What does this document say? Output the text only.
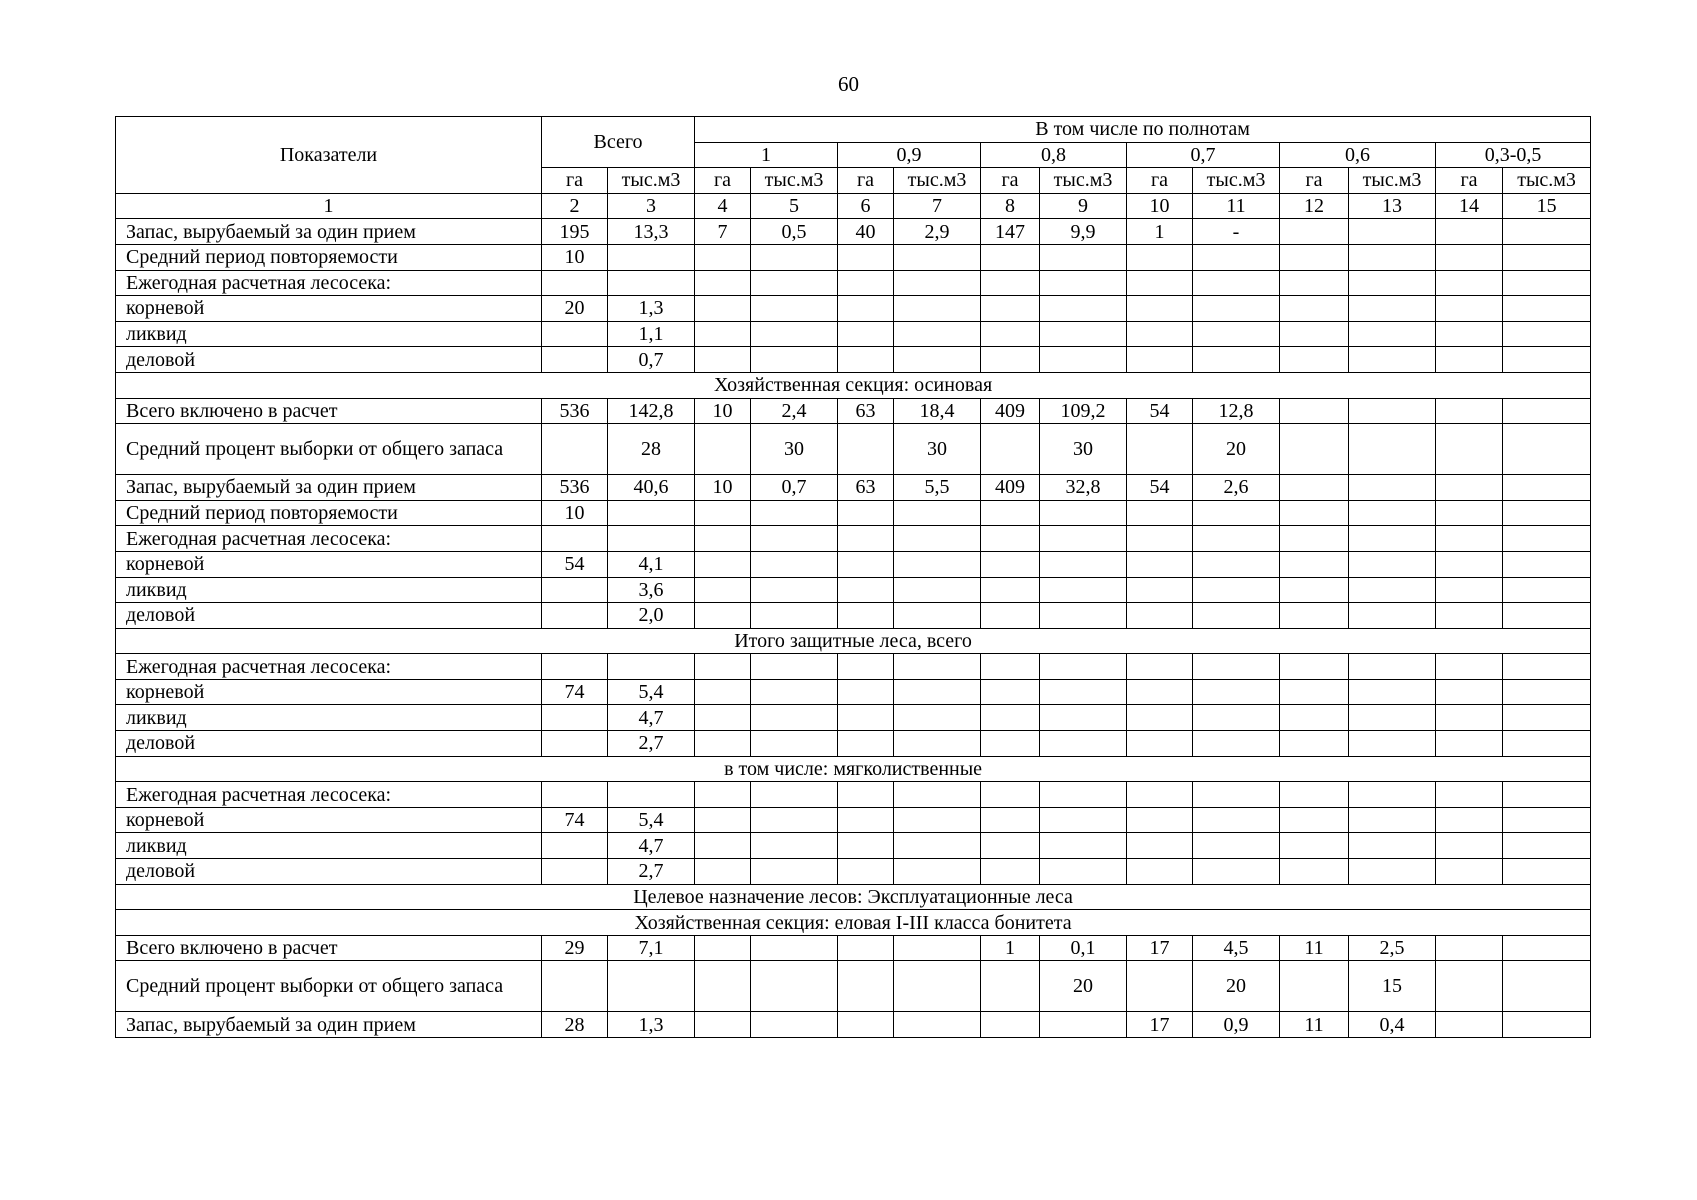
60
Показатели	Всего		В том числе по полнотам											
			1		0,9		0,8		0,7		0,6		0,3-0,5	
	га	тыс.м3	га	тыс.м3	га	тыс.м3	га	тыс.м3	га	тыс.м3	га	тыс.м3	га	тыс.м3
1	2	3	4	5	6	7	8	9	10	11	12	13	14	15
Запас, вырубаемый за один прием	195	13,3	7	0,5	40	2,9	147	9,9	1	-				
Средний период повторяемости	10													
Ежегодная расчетная лесосека:														
корневой	20	1,3												
ликвид		1,1												
деловой		0,7												
Хозяйственная секция: осиновая														
Всего включено в расчет	536	142,8	10	2,4	63	18,4	409	109,2	54	12,8				
Средний процент выборки от общего запаса		28		30		30		30		20				
Запас, вырубаемый за один прием	536	40,6	10	0,7	63	5,5	409	32,8	54	2,6				
Средний период повторяемости	10													
Ежегодная расчетная лесосека:														
корневой	54	4,1												
ликвид		3,6												
деловой		2,0												
Итого защитные леса, всего														
Ежегодная расчетная лесосека:														
корневой	74	5,4												
ликвид		4,7												
деловой		2,7												
в том числе: мягколиственные														
Ежегодная расчетная лесосека:														
корневой	74	5,4												
ликвид		4,7												
деловой		2,7												
Целевое назначение лесов: Эксплуатационные леса														
Хозяйственная секция: еловая I-III класса бонитета														
Всего включено в расчет	29	7,1					1	0,1	17	4,5	11	2,5		
Средний процент выборки от общего запаса								20		20		15		
Запас, вырубаемый за один прием	28	1,3							17	0,9	11	0,4		
